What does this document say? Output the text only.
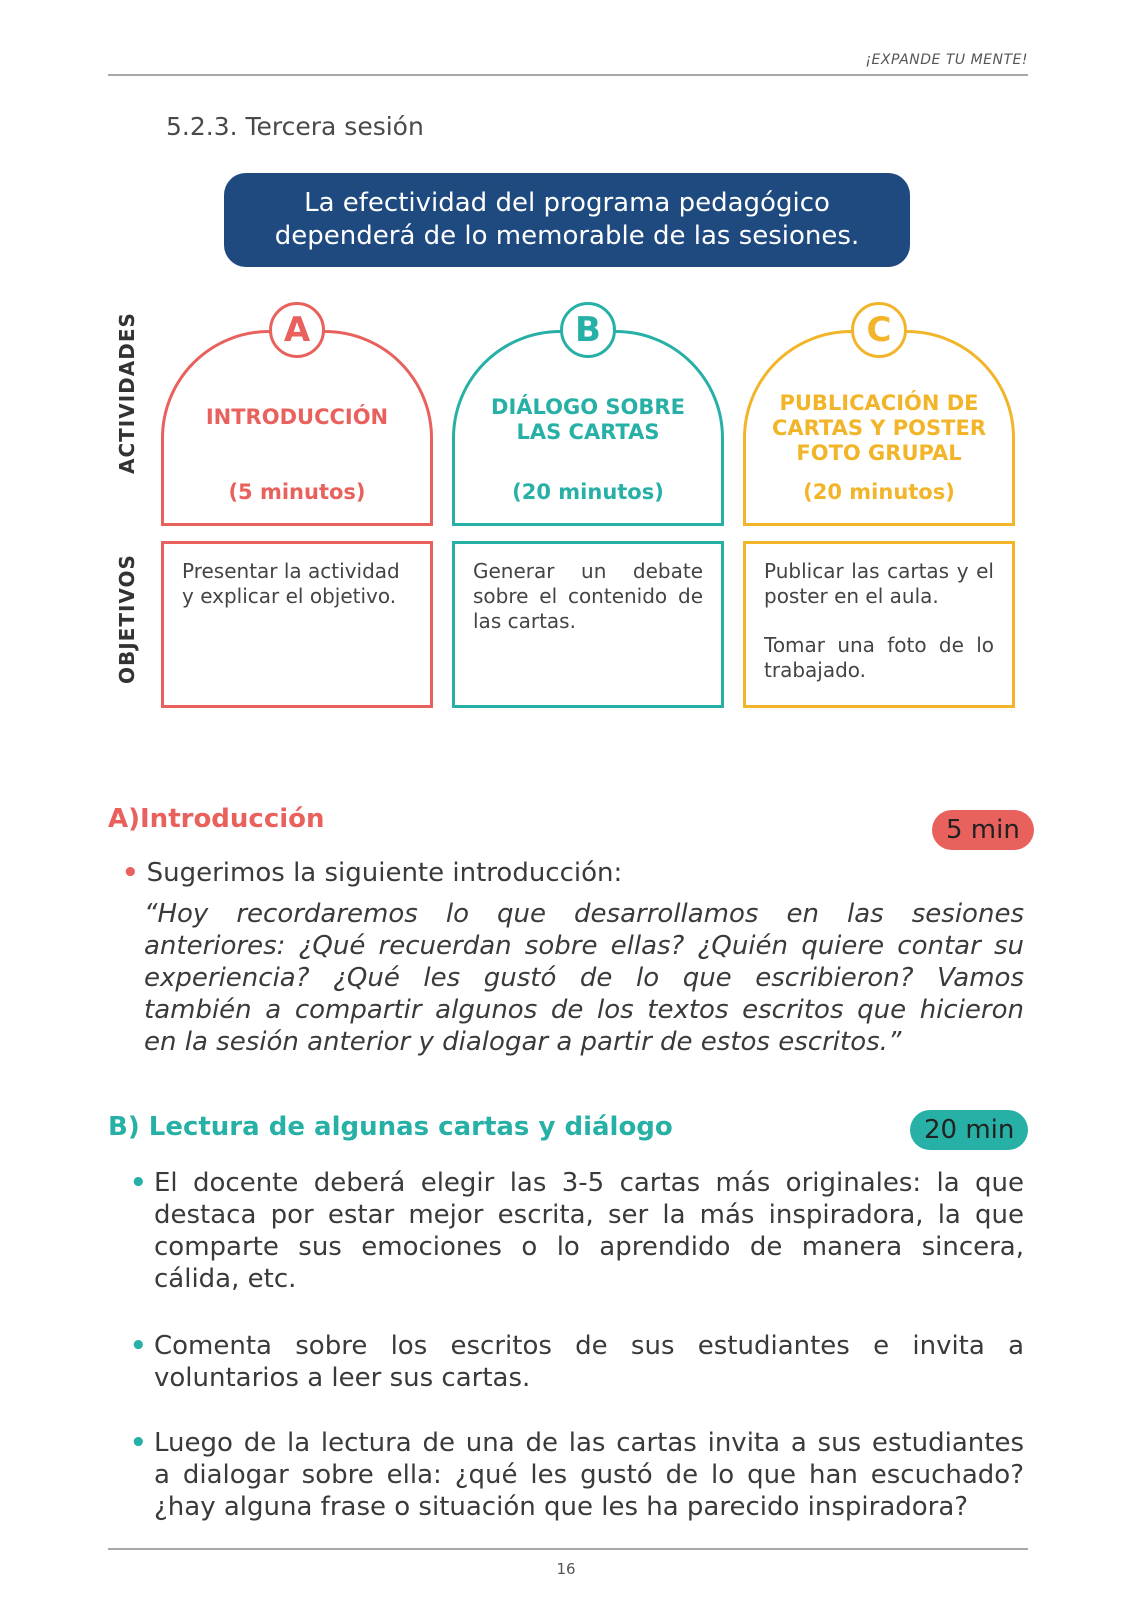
¡EXPANDE TU MENTE!
5.2.3. Tercera sesión
La efectividad del programa pedagógico
dependerá de lo memorable de las sesiones.
ACTIVIDADES
OBJETIVOS
INTRODUCCIÓN
(5 minutos)
A
DIÁLOGO SOBRE
LAS CARTAS
(20 minutos)
B
PUBLICACIÓN DE
CARTAS Y POSTER
FOTO GRUPAL
(20 minutos)
C

Presentar la actividad
y explicar el objetivo.

Generar un debate
sobre el contenido de
las cartas.

Publicar las cartas y el
poster en el aula.

Tomar una foto de lo
trabajado.

A)Introducción	5 min
• Sugerimos la siguiente introducción:
“Hoy recordaremos lo que desarrollamos en las sesiones
anteriores: ¿Qué recuerdan sobre ellas? ¿Quién quiere contar su
experiencia? ¿Qué les gustó de lo que escribieron? Vamos
también a compartir algunos de los textos escritos que hicieron
en la sesión anterior y dialogar a partir de estos escritos.”
B) Lectura de algunas cartas y diálogo	20 min
• El docente deberá elegir las 3-5 cartas más originales: la que
destaca por estar mejor escrita, ser la más inspiradora, la que
comparte sus emociones o lo aprendido de manera sincera,
cálida, etc.
• Comenta sobre los escritos de sus estudiantes e invita a
voluntarios a leer sus cartas.
• Luego de la lectura de una de las cartas invita a sus estudiantes
a dialogar sobre ella: ¿qué les gustó de lo que han escuchado?
¿hay alguna frase o situación que les ha parecido inspiradora?
16
